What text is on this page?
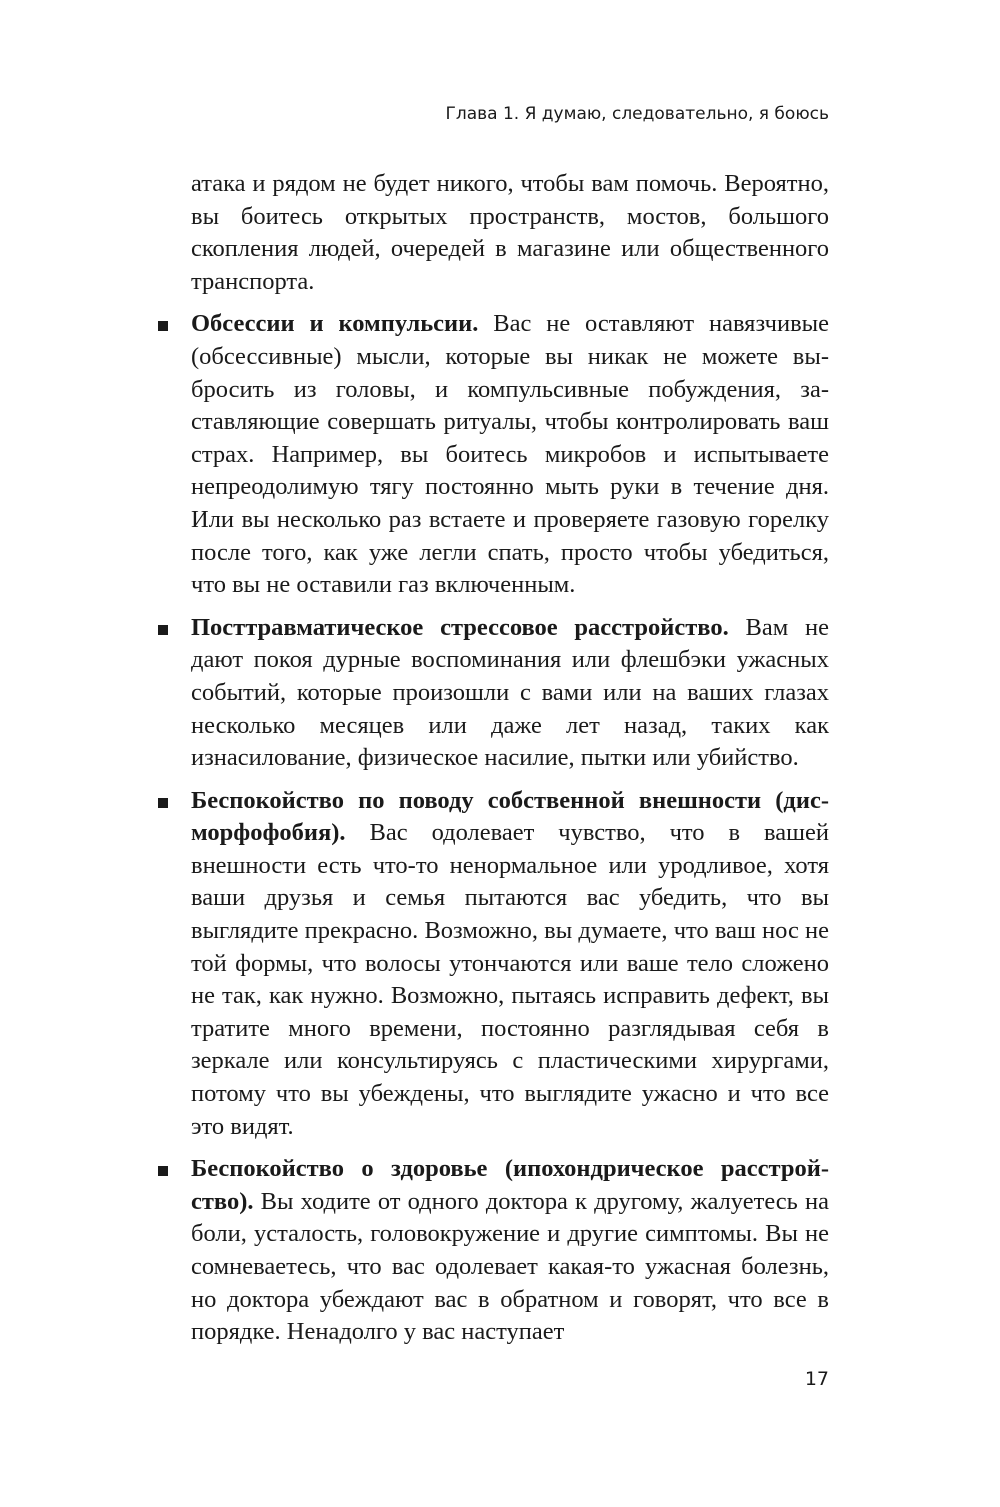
Глава 1. Я думаю, следовательно, я боюсь

атака и рядом не будет никого, чтобы вам помочь. Вероятно, вы боитесь открытых пространств, мостов, большого скопления людей, очередей в магазине или общественного транспорта.

Обсессии и компульсии. Вас не оставляют навязчивые (обсессивные) мысли, которые вы никак не можете выбросить из головы, и компульсивные побуждения, заставляющие совершать ритуалы, чтобы контролировать ваш страх. Например, вы боитесь микробов и испытываете непреодолимую тягу постоянно мыть руки в течение дня. Или вы несколько раз встаете и проверяете газовую горелку после того, как уже легли спать, просто чтобы убедиться, что вы не оставили газ включенным.

Посттравматическое стрессовое расстройство. Вам не дают покоя дурные воспоминания или флешбэки ужасных событий, которые произошли с вами или на ваших глазах несколько месяцев или даже лет назад, таких как изнасилование, физическое насилие, пытки или убийство.

Беспокойство по поводу собственной внешности (дисморфофобия). Вас одолевает чувство, что в вашей внешности есть что-то ненормальное или уродливое, хотя ваши друзья и семья пытаются вас убедить, что вы выглядите прекрасно. Возможно, вы думаете, что ваш нос не той формы, что волосы утончаются или ваше тело сложено не так, как нужно. Возможно, пытаясь исправить дефект, вы тратите много времени, постоянно разглядывая себя в зеркале или консультируясь с пластическими хирургами, потому что вы убеждены, что выглядите ужасно и что все это видят.

Беспокойство о здоровье (ипохондрическое расстройство). Вы ходите от одного доктора к другому, жалуетесь на боли, усталость, головокружение и другие симптомы. Вы не сомневаетесь, что вас одолевает какая-то ужасная болезнь, но доктора убеждают вас в обратном и говорят, что все в порядке. Ненадолго у вас наступает

17
